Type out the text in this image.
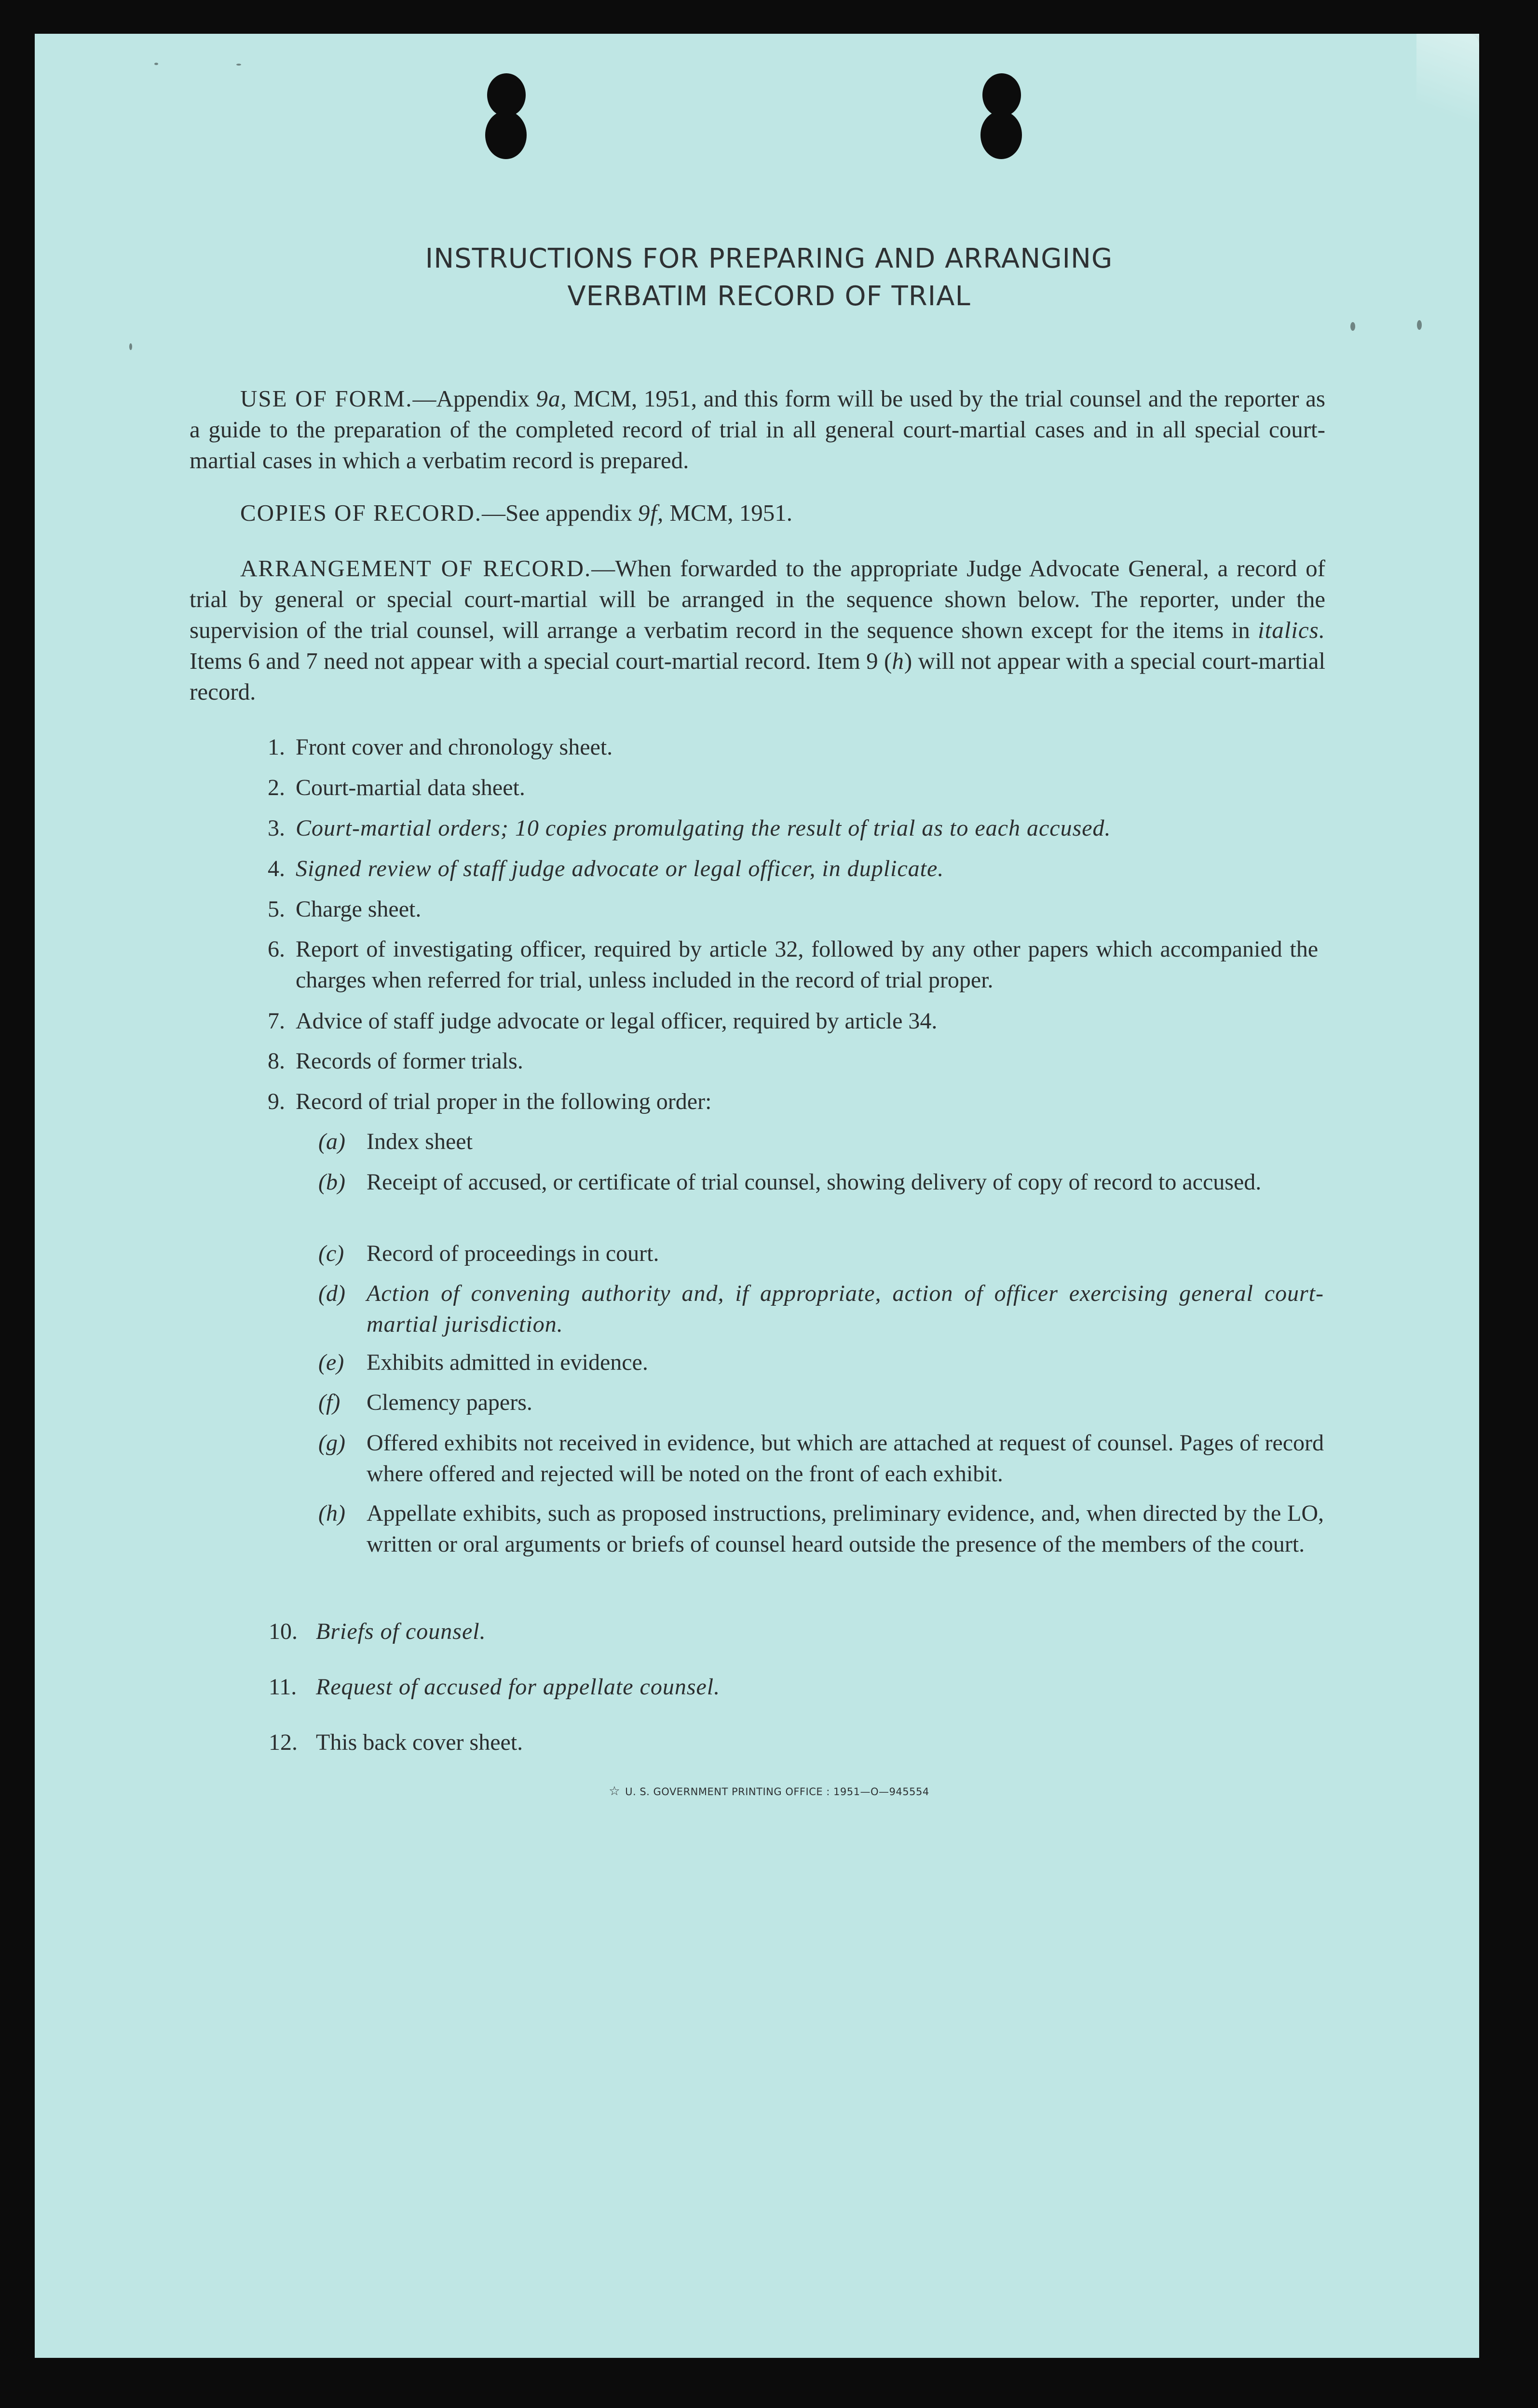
INSTRUCTIONS FOR PREPARING AND ARRANGING
VERBATIM RECORD OF TRIAL
USE OF FORM.—Appendix 9a, MCM, 1951, and this form will be used by the trial counsel and the reporter as a guide to the preparation of the completed record of trial in all general court-martial cases and in all special court-martial cases in which a verbatim record is prepared.
COPIES OF RECORD.—See appendix 9f, MCM, 1951.
ARRANGEMENT OF RECORD.—When forwarded to the appropriate Judge Advocate General, a record of trial by general or special court-martial will be arranged in the sequence shown below. The reporter, under the supervision of the trial counsel, will arrange a verbatim record in the sequence shown except for the items in italics. Items 6 and 7 need not appear with a special court-martial record. Item 9 (h) will not appear with a special court-martial record.
1. Front cover and chronology sheet.
2. Court-martial data sheet.
3. Court-martial orders; 10 copies promulgating the result of trial as to each accused.
4. Signed review of staff judge advocate or legal officer, in duplicate.
5. Charge sheet.
6. Report of investigating officer, required by article 32, followed by any other papers which accompanied the charges when referred for trial, unless included in the record of trial proper.
7. Advice of staff judge advocate or legal officer, required by article 34.
8. Records of former trials.
9. Record of trial proper in the following order:
(a) Index sheet
(b) Receipt of accused, or certificate of trial counsel, showing delivery of copy of record to accused.
(c) Record of proceedings in court.
(d) Action of convening authority and, if appropriate, action of officer exercising general court-martial jurisdiction.
(e) Exhibits admitted in evidence.
(f) Clemency papers.
(g) Offered exhibits not received in evidence, but which are attached at request of counsel. Pages of record where offered and rejected will be noted on the front of each exhibit.
(h) Appellate exhibits, such as proposed instructions, preliminary evidence, and, when directed by the LO, written or oral arguments or briefs of counsel heard outside the presence of the members of the court.
10. Briefs of counsel.
11. Request of accused for appellate counsel.
12. This back cover sheet.
☆ U. S. GOVERNMENT PRINTING OFFICE : 1951—O—945554
